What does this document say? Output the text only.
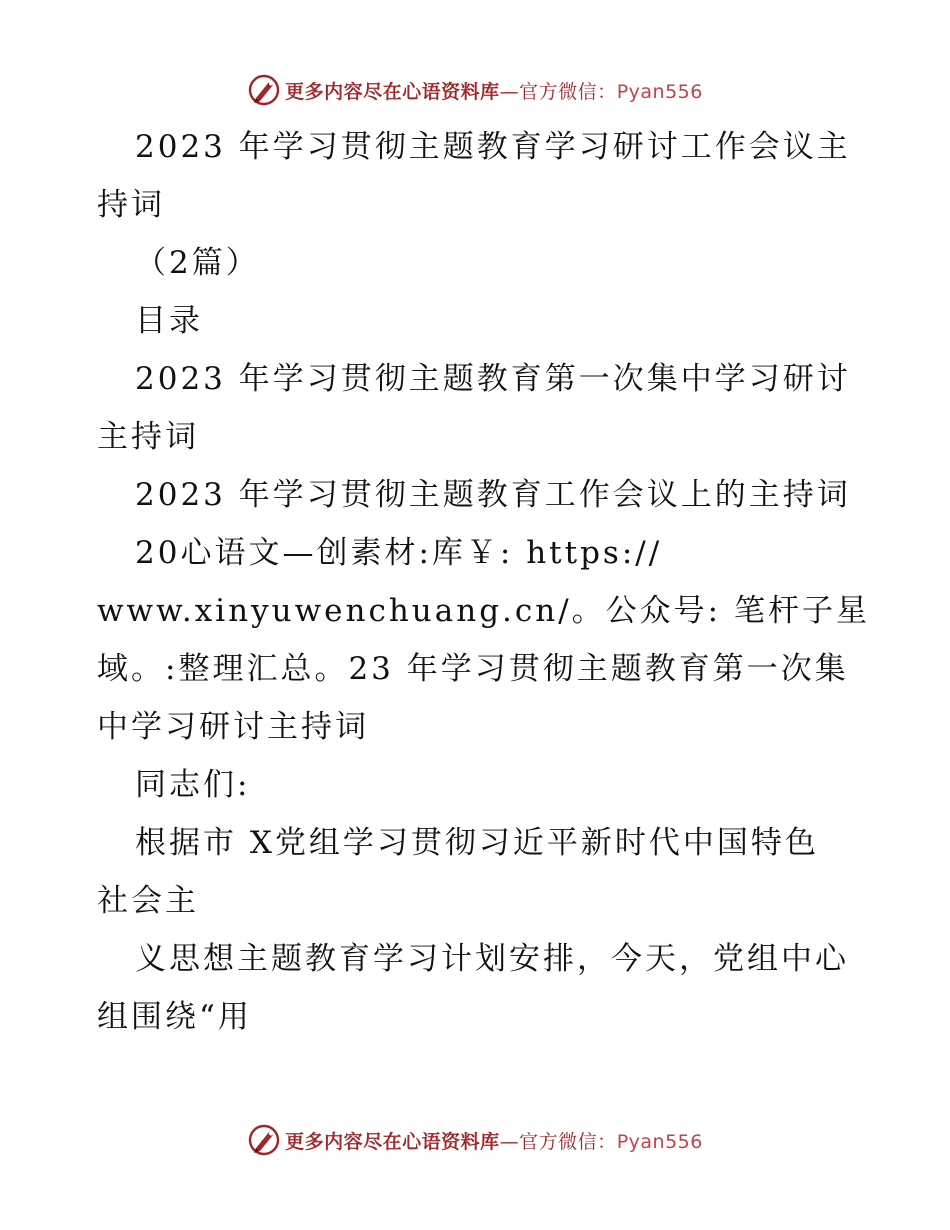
更多内容尽在心语资料库—官方微信：Pyan556
2023 年学习贯彻主题教育学习研讨工作会议主
持词
（2篇）
目录
2023 年学习贯彻主题教育第一次集中学习研讨
主持词
2023 年学习贯彻主题教育工作会议上的主持词
20心语文—创素材:库￥: https://
www.xinyuwenchuang.cn/。公众号: 笔杆子星
域。:整理汇总。23 年学习贯彻主题教育第一次集
中学习研讨主持词
同志们:
根据市 X党组学习贯彻习近平新时代中国特色
社会主
义思想主题教育学习计划安排，今天，党组中心
组围绕“用
更多内容尽在心语资料库—官方微信：Pyan556
